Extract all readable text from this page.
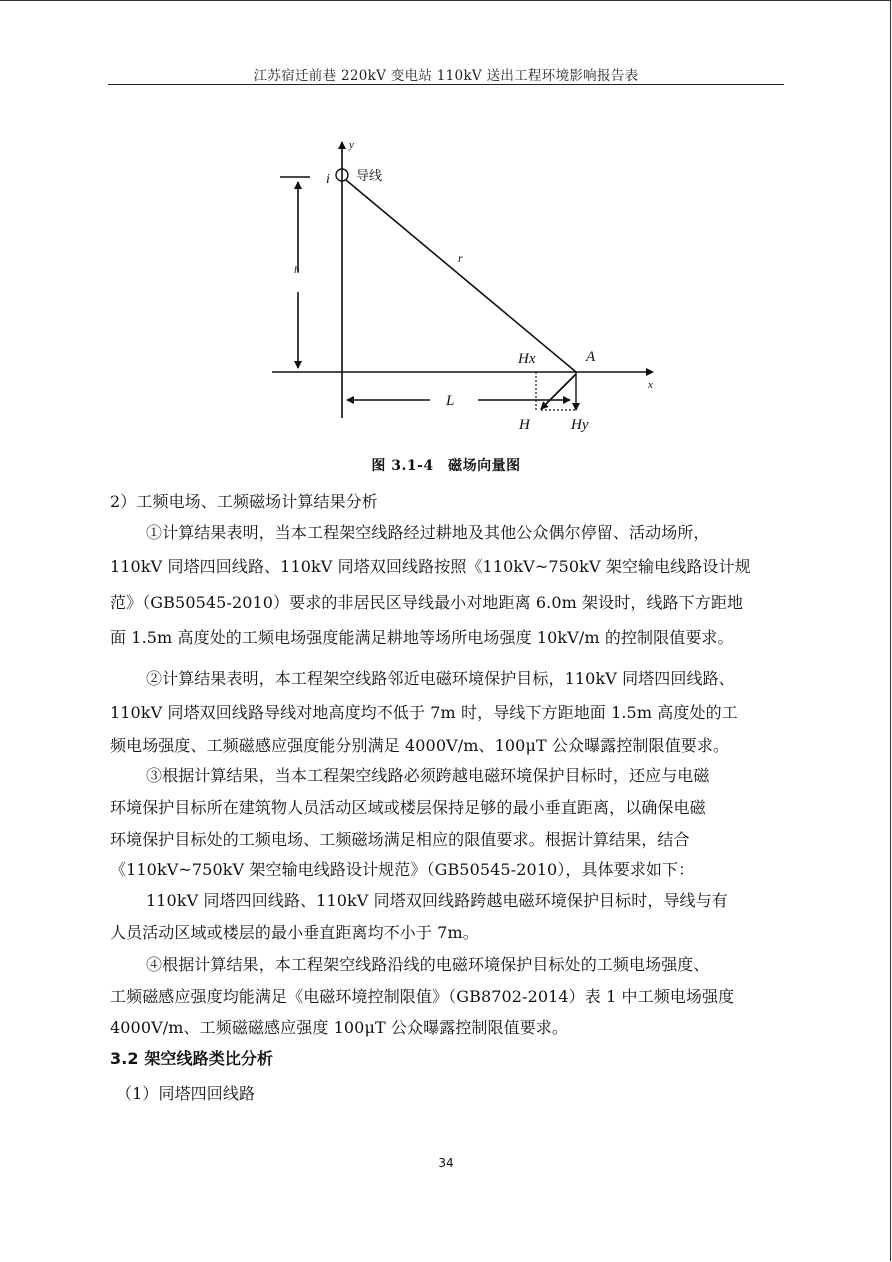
江苏宿迁前巷 220kV 变电站 110kV 送出工程环境影响报告表
y
x
i 导线
r
h
L
A
Hx
H	Hy
图 3.1-4　磁场向量图
2）工频电场、工频磁场计算结果分析
①计算结果表明，当本工程架空线路经过耕地及其他公众偶尔停留、活动场所，
110kV 同塔四回线路、110kV 同塔双回线路按照《110kV~750kV 架空输电线路设计规
范》（GB50545-2010）要求的非居民区导线最小对地距离 6.0m 架设时，线路下方距地
面 1.5m 高度处的工频电场强度能满足耕地等场所电场强度 10kV/m 的控制限值要求。
②计算结果表明，本工程架空线路邻近电磁环境保护目标，110kV 同塔四回线路、
110kV 同塔双回线路导线对地高度均不低于 7m 时，导线下方距地面 1.5m 高度处的工
频电场强度、工频磁感应强度能分别满足 4000V/m、100μT 公众曝露控制限值要求。
③根据计算结果，当本工程架空线路必须跨越电磁环境保护目标时，还应与电磁
环境保护目标所在建筑物人员活动区域或楼层保持足够的最小垂直距离，以确保电磁
环境保护目标处的工频电场、工频磁场满足相应的限值要求。根据计算结果，结合
《110kV~750kV 架空输电线路设计规范》（GB50545-2010），具体要求如下：
110kV 同塔四回线路、110kV 同塔双回线路跨越电磁环境保护目标时，导线与有
人员活动区域或楼层的最小垂直距离均不小于 7m。
④根据计算结果，本工程架空线路沿线的电磁环境保护目标处的工频电场强度、
工频磁感应强度均能满足《电磁环境控制限值》（GB8702-2014）表 1 中工频电场强度
4000V/m、工频磁磁感应强度 100μT 公众曝露控制限值要求。
3.2 架空线路类比分析
（1）同塔四回线路
34
